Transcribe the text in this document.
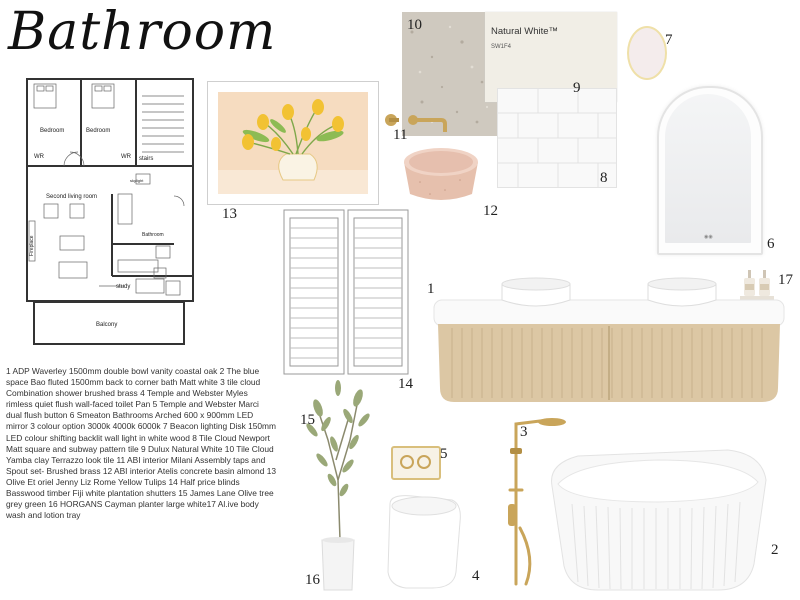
Bathroom
Bedroom	Bedroom
WR	WR stairs
skylight
Second living room
Fireplace
Bathroom
study
Balcony
1 ADP Waverley 1500mm double bowl vanity coastal oak 2 The blue space Bao fluted 1500mm back to corner bath Matt white 3 tile cloud Combination shower brushed brass 4 Temple and Webster Myles rimless quiet flush wall-faced toilet Pan 5 Temple and Webster Marci dual flush button 6 Smeaton Bathrooms Arched 600 x 900mm LED mirror 3 colour option 3000k 4000k 6000k 7 Beacon lighting Disk 150mm LED colour shifting backlit wall light in white wood 8 Tile Cloud Newport Matt square and subway pattern tile 9 Dulux Natural White 10 Tile Cloud Yamba clay Terrazzo look tile 11 ABI interior Milani Assembly taps and Spout set- Brushed brass 12 ABI interior Atelis concrete basin almond 13 Olive Et oriel Jenny Liz Rome Yellow Tulips 14 Half price blinds Basswood timber Fiji white plantation shutters 15 James Lane Olive tree grey green 16 HORGANS Cayman planter large white17 Al.ive body wash and lotion tray
10	Natural White™
SW1F4
9
8
11
12
13
7
◉◉	6
17
1
14
15
16
5
4
3
2
